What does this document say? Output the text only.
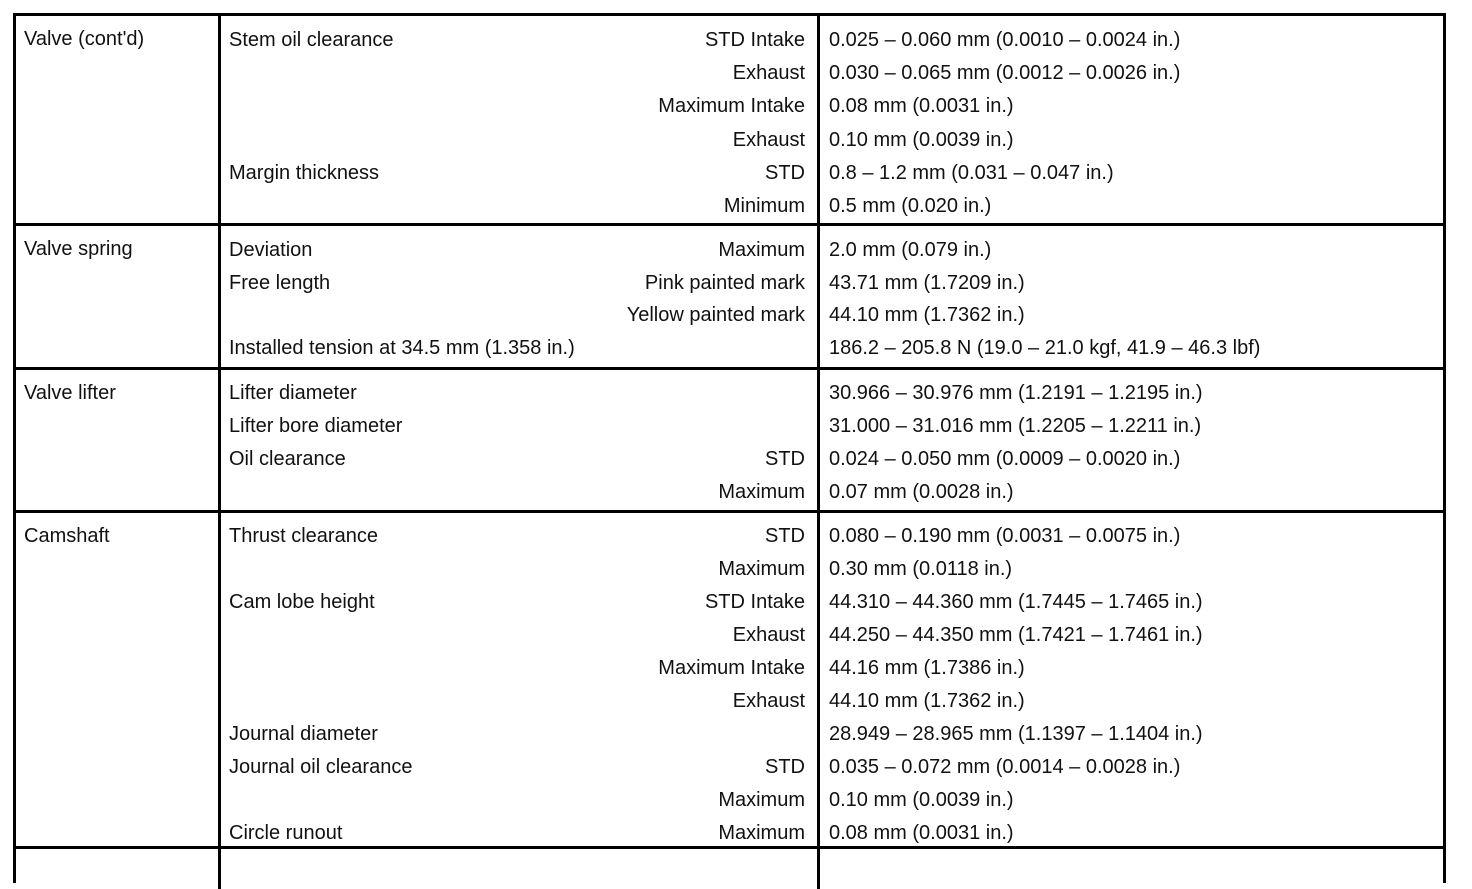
Valve (cont'd)	Stem oil clearance	STD Intake 0.025 – 0.060 mm (0.0010 – 0.0024 in.)
Exhaust 0.030 – 0.065 mm (0.0012 – 0.0026 in.)
Maximum Intake 0.08 mm (0.0031 in.)
Exhaust 0.10 mm (0.0039 in.)
Margin thickness	STD 0.8 – 1.2 mm (0.031 – 0.047 in.)
Minimum 0.5 mm (0.020 in.)
Valve spring	Deviation	Maximum 2.0 mm (0.079 in.)
Free length	Pink painted mark 43.71 mm (1.7209 in.)
Yellow painted mark 44.10 mm (1.7362 in.)
Installed tension at 34.5 mm (1.358 in.)	186.2 – 205.8 N (19.0 – 21.0 kgf, 41.9 – 46.3 lbf)
Valve lifter	Lifter diameter	30.966 – 30.976 mm (1.2191 – 1.2195 in.)
Lifter bore diameter	31.000 – 31.016 mm (1.2205 – 1.2211 in.)
Oil clearance	STD 0.024 – 0.050 mm (0.0009 – 0.0020 in.)
Maximum 0.07 mm (0.0028 in.)
Camshaft	Thrust clearance	STD 0.080 – 0.190 mm (0.0031 – 0.0075 in.)
Maximum 0.30 mm (0.0118 in.)
Cam lobe height	STD Intake 44.310 – 44.360 mm (1.7445 – 1.7465 in.)
Exhaust 44.250 – 44.350 mm (1.7421 – 1.7461 in.)
Maximum Intake 44.16 mm (1.7386 in.)
Exhaust 44.10 mm (1.7362 in.)
Journal diameter	28.949 – 28.965 mm (1.1397 – 1.1404 in.)
Journal oil clearance	STD 0.035 – 0.072 mm (0.0014 – 0.0028 in.)
Maximum 0.10 mm (0.0039 in.)
Circle runout	Maximum 0.08 mm (0.0031 in.)
